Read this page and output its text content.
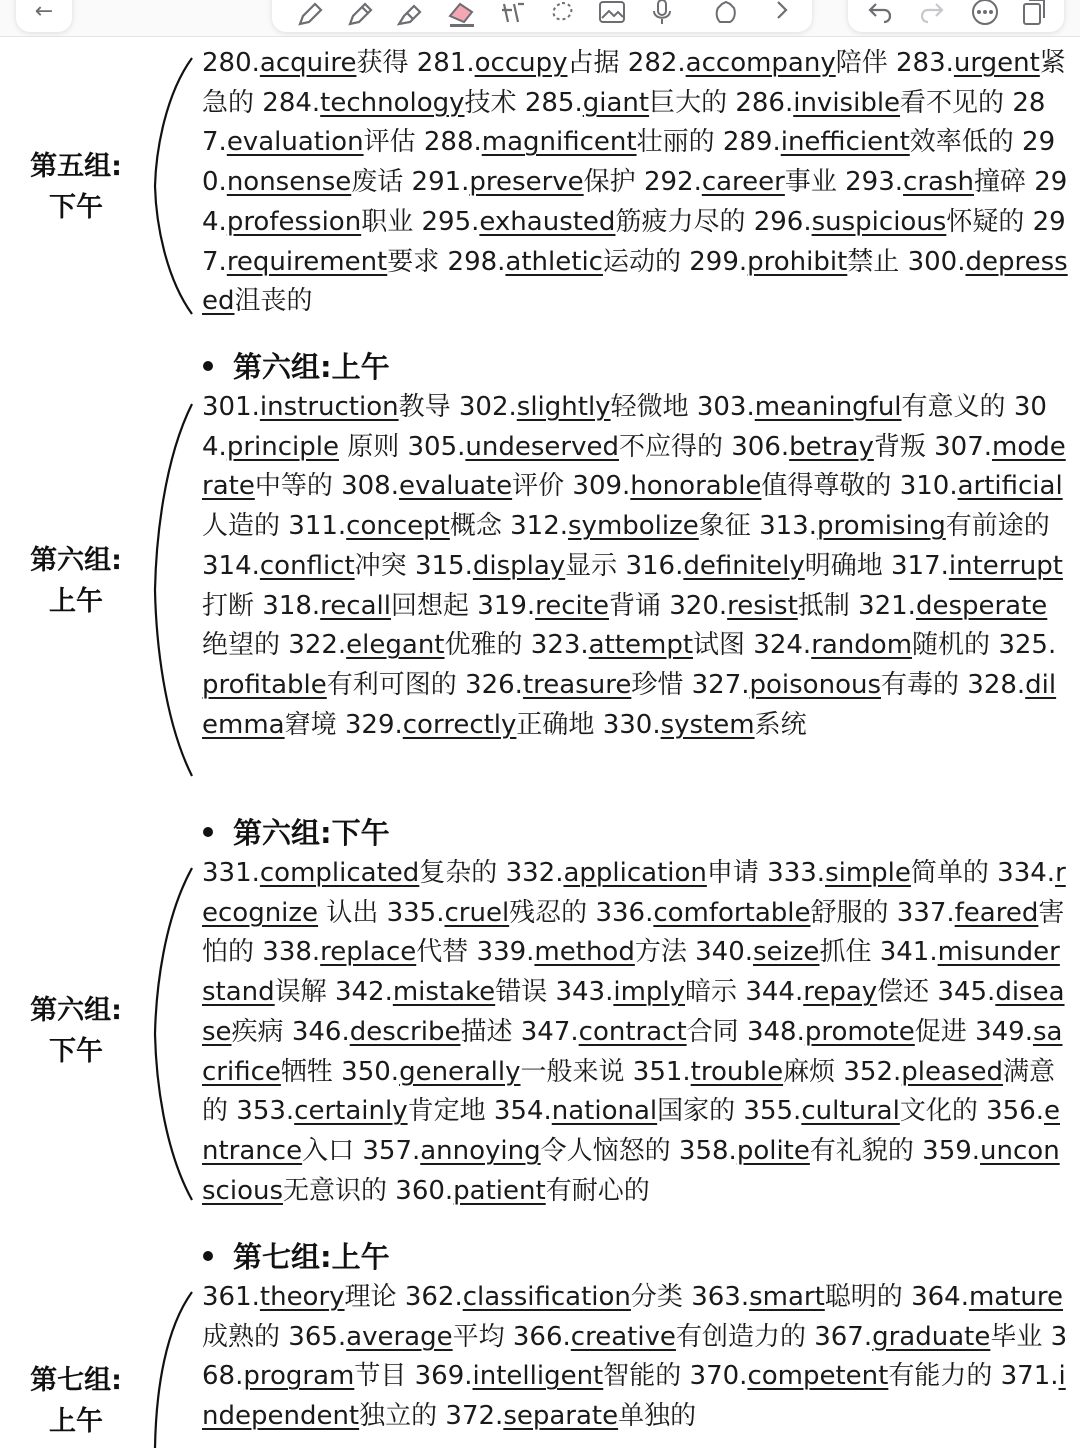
←
第五组:
下午
280.acquire获得 281.occupy占据 282.accompany陪伴 283.urgent紧急的 284.technology技术 285.giant巨大的 286.invisible看不见的 287.evaluation评估 288.magnificent壮丽的 289.inefficient效率低的 290.nonsense废话 291.preserve保护 292.career事业 293.crash撞碎 294.profession职业 295.exhausted筋疲力尽的 296.suspicious怀疑的 297.requirement要求 298.athletic运动的 299.prohibit禁止 300.depressed沮丧的
第六组:上午
第六组:
上午
301.instruction教导 302.slightly轻微地 303.meaningful有意义的 304.principle 原则 305.undeserved不应得的 306.betray背叛 307.moderate中等的 308.evaluate评价 309.honorable值得尊敬的 310.artificial人造的 311.concept概念 312.symbolize象征 313.promising有前途的 314.conflict冲突 315.display显示 316.definitely明确地 317.interrupt打断 318.recall回想起 319.recite背诵 320.resist抵制 321.desperate绝望的 322.elegant优雅的 323.attempt试图 324.random随机的 325.profitable有利可图的 326.treasure珍惜 327.poisonous有毒的 328.dilemma窘境 329.correctly正确地 330.system系统
第六组:下午
第六组:
下午
331.complicated复杂的 332.application申请 333.simple简单的 334.recognize 认出 335.cruel残忍的 336.comfortable舒服的 337.feared害怕的 338.replace代替 339.method方法 340.seize抓住 341.misunderstand误解 342.mistake错误 343.imply暗示 344.repay偿还 345.disease疾病 346.describe描述 347.contract合同 348.promote促进 349.sacrifice牺牲 350.generally一般来说 351.trouble麻烦 352.pleased满意的 353.certainly肯定地 354.national国家的 355.cultural文化的 356.entrance入口 357.annoying令人恼怒的 358.polite有礼貌的 359.unconscious无意识的 360.patient有耐心的
第七组:上午
第七组:
上午
361.theory理论 362.classification分类 363.smart聪明的 364.mature成熟的 365.average平均 366.creative有创造力的 367.graduate毕业 368.program节目 369.intelligent智能的 370.competent有能力的 371.independent独立的 372.separate单独的
